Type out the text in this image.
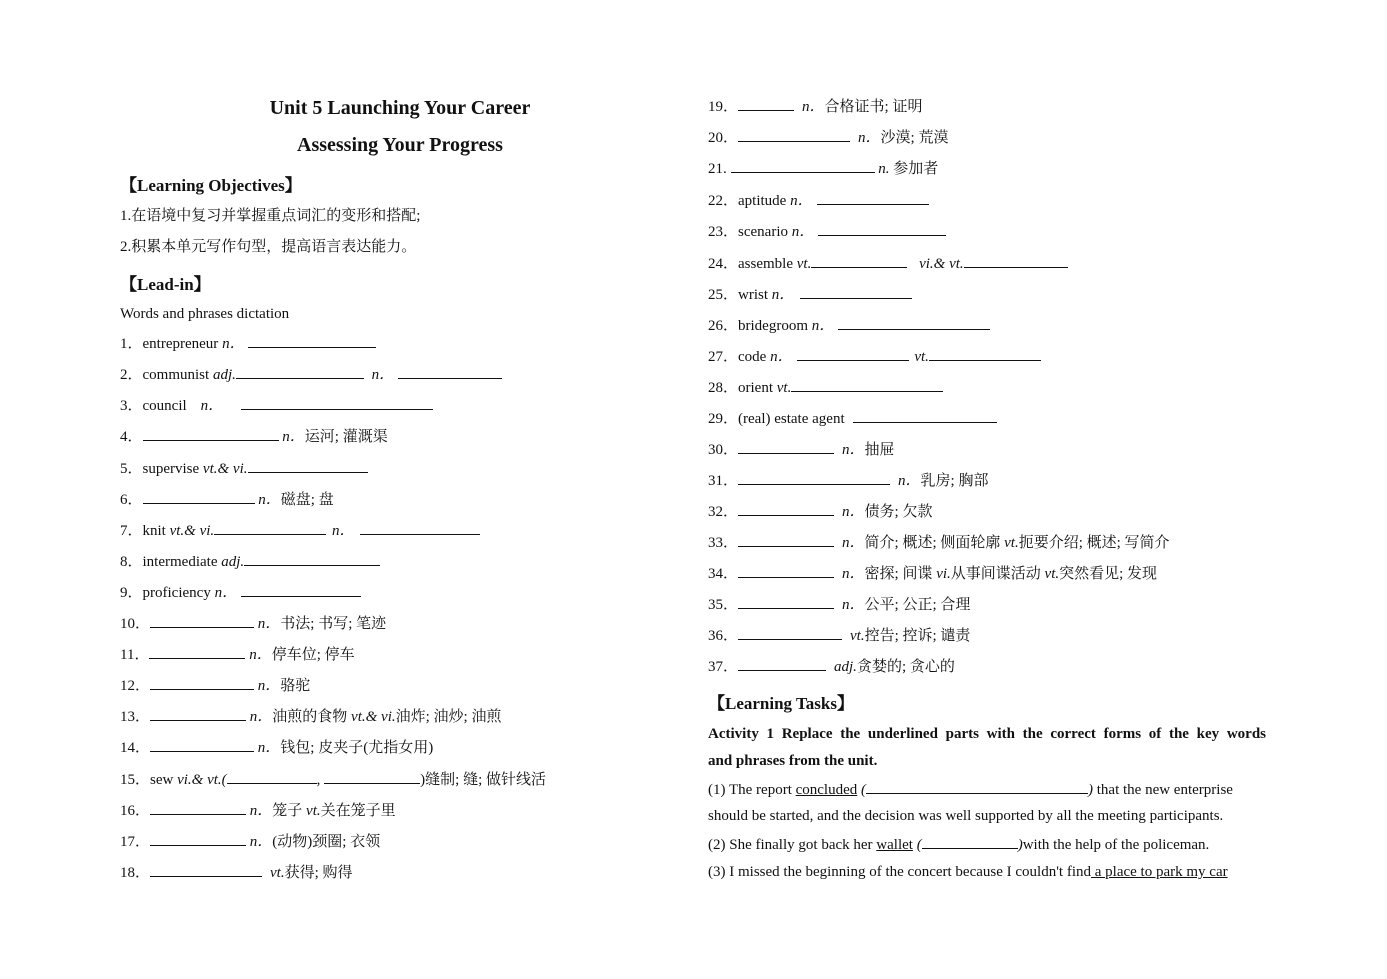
Unit 5 Launching Your Career
Assessing Your Progress
【Learning Objectives】
1.在语境中复习并掌握重点词汇的变形和搭配;
2.积累本单元写作句型，提高语言表达能力。
【Lead-in】
Words and phrases dictation
1．entrepreneur n．
2．communist adj.	n．
3．council n．
4．	n．运河; 灌溉渠
5．supervise vt.& vi.
6．	n．磁盘; 盘
7．knit vt.& vi.	n．
8．intermediate adj.
9．proficiency n．
10．	n．书法; 书写; 笔迹
11．	n．停车位; 停车
12．	n．骆驼
13．	n．油煎的食物 vt.& vi.油炸; 油炒; 油煎
14．	n．钱包; 皮夹子(尤指女用)
15．sew vi.& vt.(	,	)缝制; 缝; 做针线活
16．	n．笼子 vt.关在笼子里
17．	n．(动物)颈圈; 衣领
18．	vt.获得; 购得
19．	n．合格证书; 证明
20．	n．沙漠; 荒漠
21.	n. 参加者
22．aptitude n．
23．scenario n．
24．assemble vt.	vi.& vt.
25．wrist n．
26．bridegroom n．
27．code n．	vt.
28．orient vt.
29．(real) estate agent
30．	n．抽屉
31．	n．乳房; 胸部
32．	n．债务; 欠款
33．	n．简介; 概述; 侧面轮廓 vt.扼要介绍; 概述; 写简介
34．	n．密探; 间谍 vi.从事间谍活动 vt.突然看见; 发现
35．	n．公平; 公正; 合理
36．	vt.控告; 控诉; 谴责
37．	adj.贪婪的; 贪心的
【Learning Tasks】
Activity 1 Replace the underlined parts with the correct forms of the key words
and phrases from the unit.
(1) The report concluded (	) that the new enterprise
should be started, and the decision was well supported by all the meeting participants.
(2) She finally got back her wallet (	)with the help of the policeman.
(3) I missed the beginning of the concert because I couldn't find a place to park my car
